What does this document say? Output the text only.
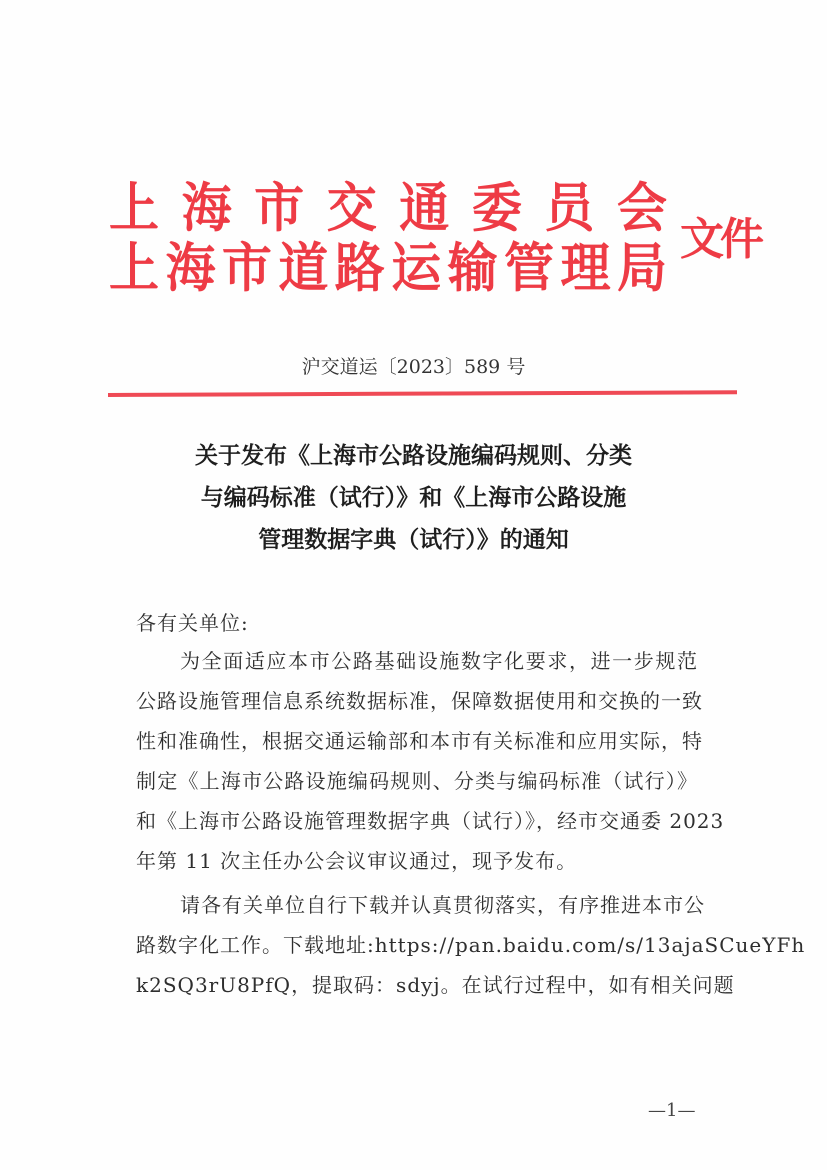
上 海 市 交 通 委 员 会
上 海 市 道 路 运 输 管 理 局 文件
沪交道运〔2023〕589 号
关于发布《上海市公路设施编码规则、分类
与编码标准（试行）》和《上海市公路设施
管理数据字典（试行）》的通知
各有关单位:
为全面适应本市公路基础设施数字化要求，进一步规范
公路设施管理信息系统数据标准，保障数据使用和交换的一致
性和准确性，根据交通运输部和本市有关标准和应用实际，特
制定《上海市公路设施编码规则、分类与编码标准（试行）》
和《上海市公路设施管理数据字典（试行）》，经市交通委 2023
年第 11 次主任办公会议审议通过，现予发布。
请各有关单位自行下载并认真贯彻落实，有序推进本市公
路数字化工作。下载地址:https://pan.baidu.com/s/13ajaSCueYFh
k2SQ3rU8PfQ，提取码：sdyj。在试行过程中，如有相关问题
—1—
